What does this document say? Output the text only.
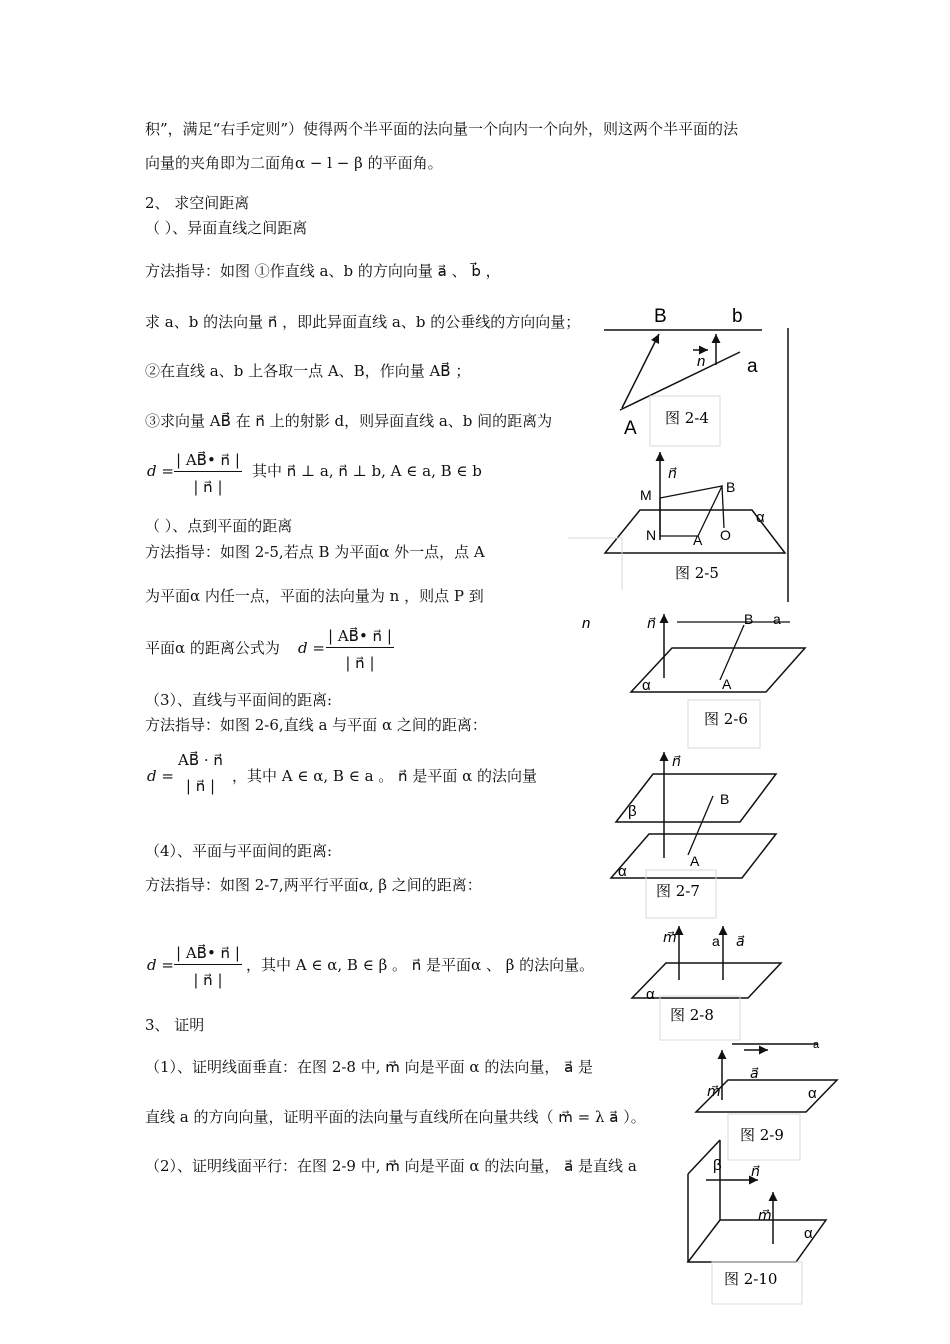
积”，满足“右手定则”）使得两个半平面的法向量一个向内一个向外，则这两个半平面的法
向量的夹角即为二面角α − l − β 的平面角。
2、 求空间距离
（ ）、异面直线之间距离
方法指导：如图 ①作直线 a、b 的方向向量 a⃗ 、 b⃗ ，
求 a、b 的法向量 n⃗ ，即此异面直线 a、b 的公垂线的方向向量；
②在直线 a、b 上各取一点 A、B，作向量 AB⃗ ；
③求向量 AB⃗ 在 n⃗ 上的射影 d，则异面直线 a、b 间的距离为
$d = \frac{| AB⃗• n⃗ |}{| n⃗ |}$ 其中 n⃗ ⊥ a, n⃗ ⊥ b, A ∈ a, B ∈ b
（ ）、点到平面的距离
方法指导：如图 2-5,若点 B 为平面α 外一点，点 A
为平面α 内任一点，平面的法向量为 n ，则点 P 到
平面α 的距离公式为 $d = \frac{| AB⃗• n⃗ |}{| n⃗ |}$
（3）、直线与平面间的距离:
方法指导：如图 2-6,直线 a 与平面 α 之间的距离：
d =
AB⃗ · n⃗
| n⃗ |
，其中 A ∈ α, B ∈ a 。 n⃗ 是平面 α 的法向量
（4）、平面与平面间的距离:
方法指导：如图 2-7,两平行平面α, β 之间的距离：
$d = \frac{| AB⃗• n⃗ |}{| n⃗ |}$ ，其中 A ∈ α, B ∈ β 。 n⃗ 是平面α 、 β 的法向量。
3、 证明
（1）、证明线面垂直：在图 2-8 中, m⃗ 向是平面 α 的法向量， a⃗ 是
直线 a 的方向向量，证明平面的法向量与直线所在向量共线（ m⃗ = λ a⃗ ）。
（2）、证明线面平行：在图 2-9 中, m⃗ 向是平面 α 的法向量， a⃗ 是直线 a
B	b
a
A
n
图 2-4
n⃗
M	B
N	A O
α
图 2-5
n	n⃗	B a
A
α
图 2-6
n⃗
B
A
β
α
图 2-7
m⃗	a a⃗
α
图 2-8
a
a⃗
m⃗	α
图 2-9
β n⃗
m⃗
α
图 2-10
